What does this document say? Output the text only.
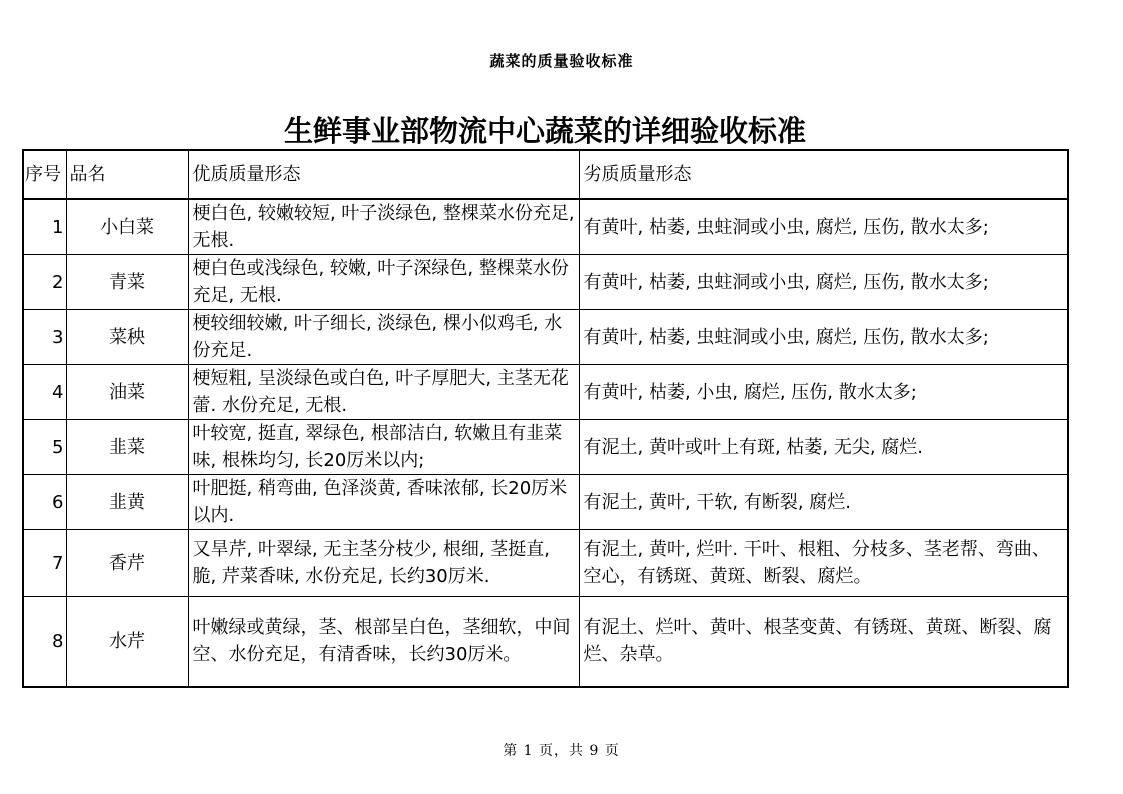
蔬菜的质量验收标准
生鲜事业部物流中心蔬菜的详细验收标准
序号	品名	优质质量形态	劣质质量形态
1	小白菜	梗白色, 较嫩较短, 叶子淡绿色, 整棵菜水份充足, 无根.	有黄叶, 枯萎, 虫蛀洞或小虫, 腐烂, 压伤, 散水太多;
2	青菜	梗白色或浅绿色, 较嫩, 叶子深绿色, 整棵菜水份充足, 无根.	有黄叶, 枯萎, 虫蛀洞或小虫, 腐烂, 压伤, 散水太多;
3	菜秧	梗较细较嫩, 叶子细长, 淡绿色, 棵小似鸡毛, 水份充足.	有黄叶, 枯萎, 虫蛀洞或小虫, 腐烂, 压伤, 散水太多;
4	油菜	梗短粗, 呈淡绿色或白色, 叶子厚肥大, 主茎无花蕾. 水份充足, 无根.	有黄叶, 枯萎, 小虫, 腐烂, 压伤, 散水太多;
5	韭菜	叶较宽, 挺直, 翠绿色, 根部洁白, 软嫩且有韭菜味, 根株均匀, 长20厉米以内;	有泥土, 黄叶或叶上有斑, 枯萎, 无尖, 腐烂.
6	韭黄	叶肥挺, 稍弯曲, 色泽淡黄, 香味浓郁, 长20厉米以内.	有泥土, 黄叶, 干软, 有断裂, 腐烂.
7	香芹	又旱芹, 叶翠绿, 无主茎分枝少, 根细, 茎挺直, 脆, 芹菜香味, 水份充足, 长约30厉米.	有泥土, 黄叶, 烂叶. 干叶、根粗、分枝多、茎老帮、弯曲、空心，有锈斑、黄斑、断裂、腐烂。
8	水芹	叶嫩绿或黄绿，茎、根部呈白色，茎细软，中间空、水份充足，有清香味，长约30厉米。	有泥土、烂叶、黄叶、根茎变黄、有锈斑、黄斑、断裂、腐烂、杂草。
第 1 页，共 9 页
